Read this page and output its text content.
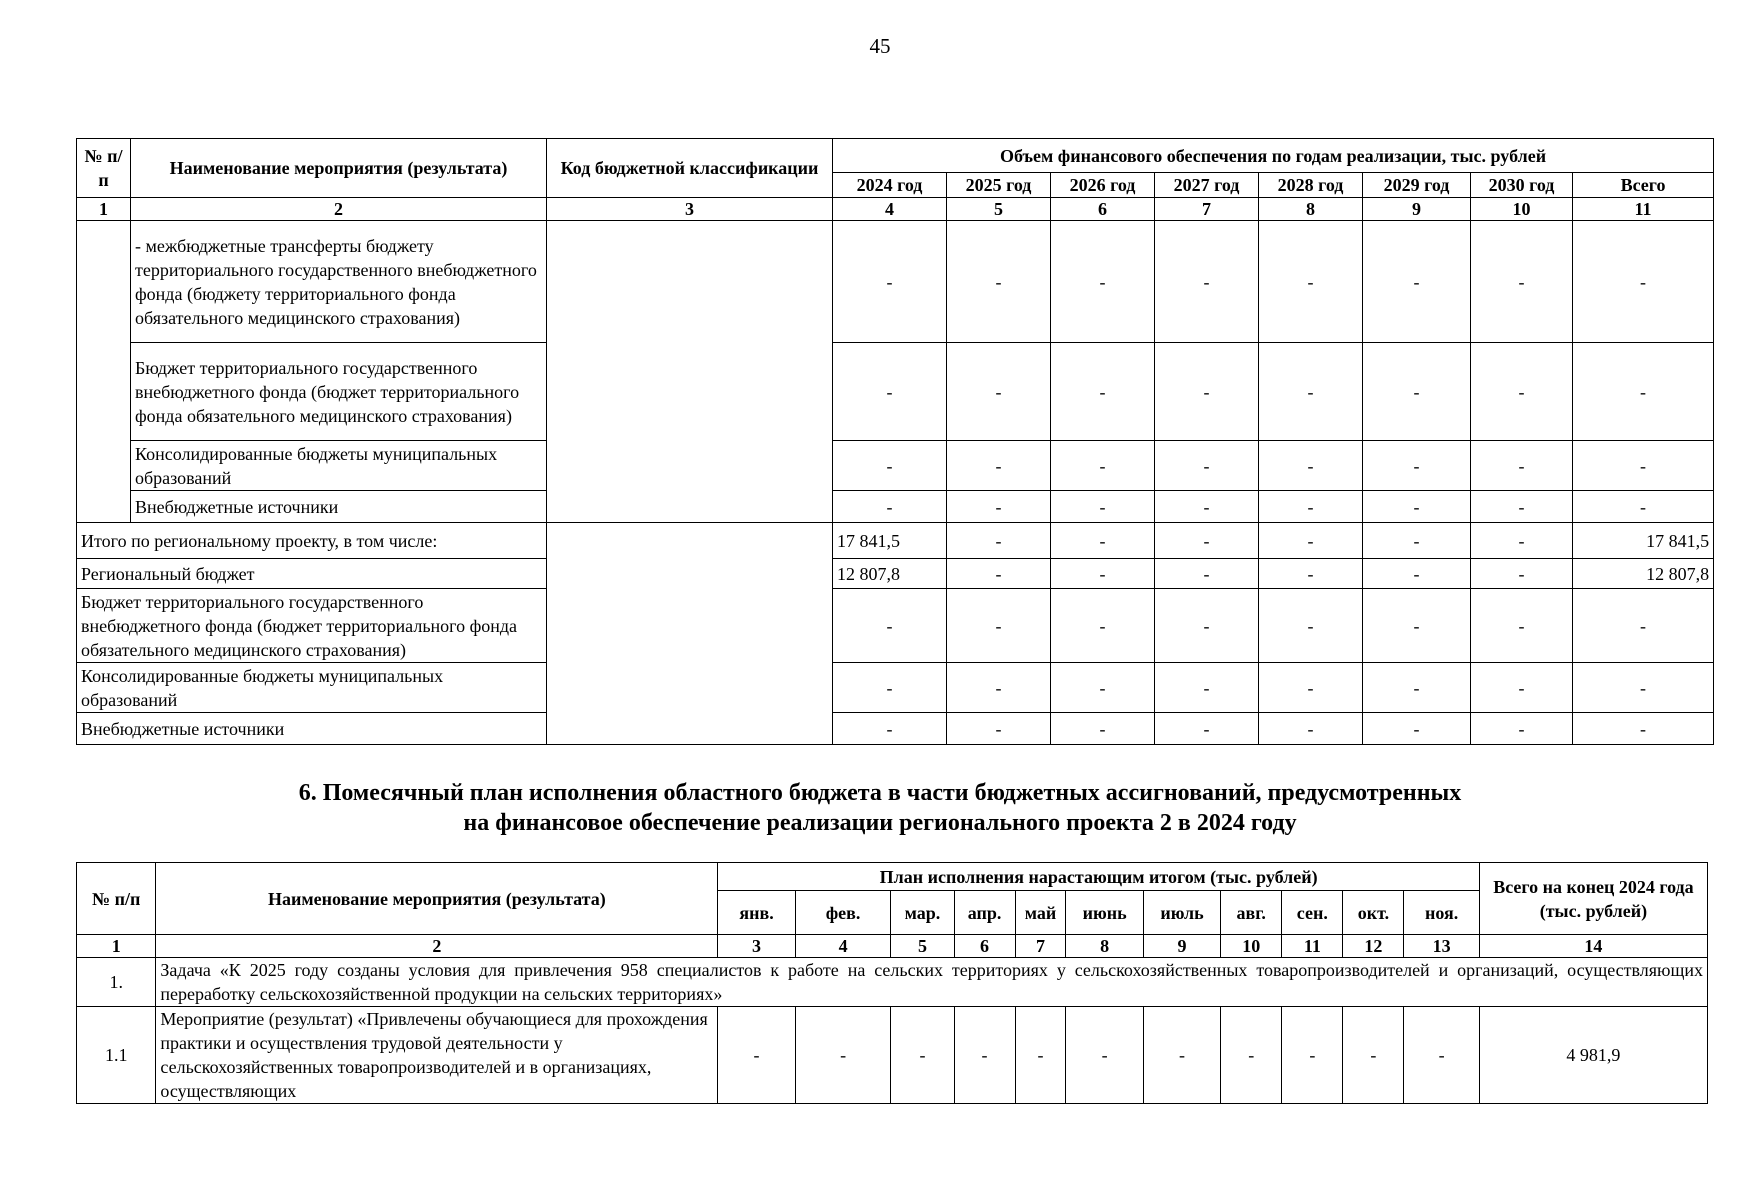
45
№ п/п	Наименование мероприятия (результата)	Код бюджетной классификации	Объем финансового обеспечения по годам реализации, тыс. рублей							
			2024 год	2025 год	2026 год	2027 год	2028 год	2029 год	2030 год	Всего
1	2	3	4	5	6	7	8	9	10	11
	- межбюджетные трансферты бюджету территориального государственного внебюджетного фонда (бюджету территориального фонда обязательного медицинского страхования)		-	-	-	-	-	-	-	-
	Бюджет территориального государственного внебюджетного фонда (бюджет территориального фонда обязательного медицинского страхования)		-	-	-	-	-	-	-	-
	Консолидированные бюджеты муниципальных образований		-	-	-	-	-	-	-	-
	Внебюджетные источники		-	-	-	-	-	-	-	-
Итого по региональному проекту, в том числе:			17 841,5	-	-	-	-	-	-	17 841,5
Региональный бюджет			12 807,8	-	-	-	-	-	-	12 807,8
Бюджет территориального государственного внебюджетного фонда (бюджет территориального фонда обязательного медицинского страхования)			-	-	-	-	-	-	-	-
Консолидированные бюджеты муниципальных образований			-	-	-	-	-	-	-	-
Внебюджетные источники			-	-	-	-	-	-	-	-
6. Помесячный план исполнения областного бюджета в части бюджетных ассигнований, предусмотренных
на финансовое обеспечение реализации регионального проекта 2 в 2024 году
№ п/п	Наименование мероприятия (результата)	План исполнения нарастающим итогом (тыс. рублей)											Всего на конец 2024 года (тыс. рублей)
		янв.	фев.	мар.	апр.	май	июнь	июль	авг.	сен.	окт.	ноя.	
1	2	3	4	5	6	7	8	9	10	11	12	13	14
1.	Задача «К 2025 году созданы условия для привлечения 958 специалистов к работе на сельских территориях у сельскохозяйственных товаропроизводителей и организаций, осуществляющих переработку сельскохозяйственной продукции на сельских территориях»												
1.1	Мероприятие (результат) «Привлечены обучающиеся для прохождения практики и осуществления трудовой деятельности у сельскохозяйственных товаропроизводителей и в организациях, осуществляющих	-	-	-	-	-	-	-	-	-	-	-	4 981,9
